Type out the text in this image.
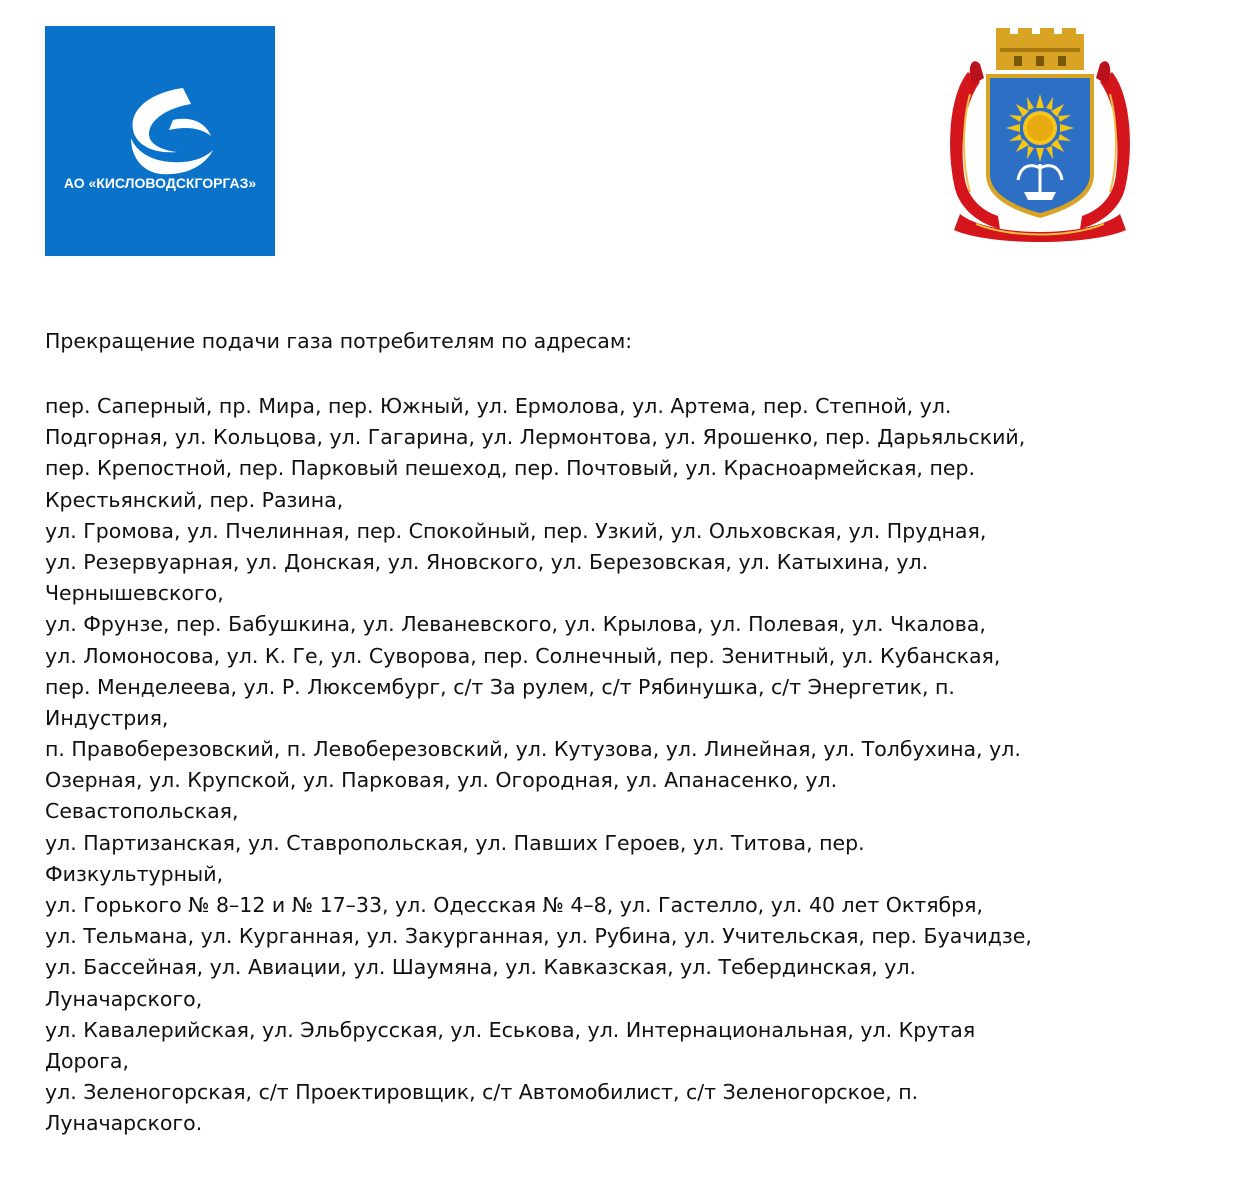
АО «КИСЛОВОДСКГОРГАЗ»
Прекращение подачи газа потребителям по адресам:
пер. Саперный, пр. Мира, пер. Южный, ул. Ермолова, ул. Артема, пер. Степной, ул.
Подгорная, ул. Кольцова, ул. Гагарина, ул. Лермонтова, ул. Ярошенко, пер. Дарьяльский,
пер. Крепостной, пер. Парковый пешеход, пер. Почтовый, ул. Красноармейская, пер.
Крестьянский, пер. Разина,
ул. Громова, ул. Пчелинная, пер. Спокойный, пер. Узкий, ул. Ольховская, ул. Прудная,
ул. Резервуарная, ул. Донская, ул. Яновского, ул. Березовская, ул. Катыхина, ул.
Чернышевского,
ул. Фрунзе, пер. Бабушкина, ул. Леваневского, ул. Крылова, ул. Полевая, ул. Чкалова,
ул. Ломоносова, ул. К. Ге, ул. Суворова, пер. Солнечный, пер. Зенитный, ул. Кубанская,
пер. Менделеева, ул. Р. Люксембург, с/т За рулем, с/т Рябинушка, с/т Энергетик, п.
Индустрия,
п. Правоберезовский, п. Левоберезовский, ул. Кутузова, ул. Линейная, ул. Толбухина, ул.
Озерная, ул. Крупской, ул. Парковая, ул. Огородная, ул. Апанасенко, ул.
Севастопольская,
ул. Партизанская, ул. Ставропольская, ул. Павших Героев, ул. Титова, пер.
Физкультурный,
ул. Горького № 8–12 и № 17–33, ул. Одесская № 4–8, ул. Гастелло, ул. 40 лет Октября,
ул. Тельмана, ул. Курганная, ул. Закурганная, ул. Рубина, ул. Учительская, пер. Буачидзе,
ул. Бассейная, ул. Авиации, ул. Шаумяна, ул. Кавказская, ул. Тебердинская, ул.
Луначарского,
ул. Кавалерийская, ул. Эльбрусская, ул. Еськова, ул. Интернациональная, ул. Крутая
Дорога,
ул. Зеленогорская, с/т Проектировщик, с/т Автомобилист, с/т Зеленогорское, п.
Луначарского.
